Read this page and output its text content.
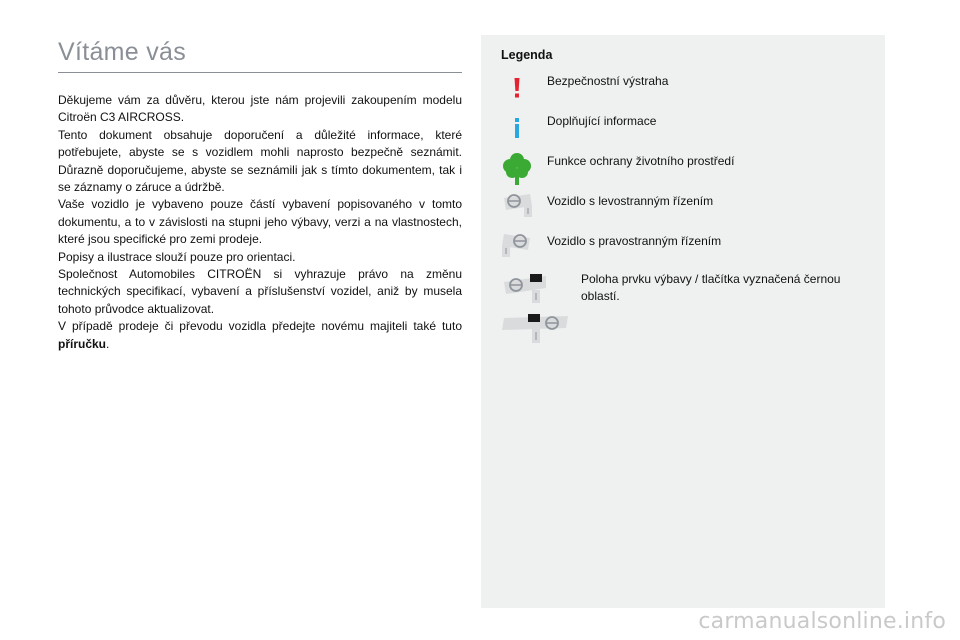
Vítáme vás

Děkujeme vám za důvěru, kterou jste nám projevili zakoupením modelu Citroën C3 AIRCROSS.

Tento dokument obsahuje doporučení a důležité informace, které potřebujete, abyste se s vozidlem mohli naprosto bezpečně seznámit. Důrazně doporučujeme, abyste se seznámili jak s tímto dokumentem, tak i se záznamy o záruce a údržbě.

Vaše vozidlo je vybaveno pouze částí vybavení popisovaného v tomto dokumentu, a to v závislosti na stupni jeho výbavy, verzi a na vlastnostech, které jsou specifické pro zemi prodeje.

Popisy a ilustrace slouží pouze pro orientaci.

Společnost Automobiles CITROËN si vyhrazuje právo na změnu technických specifikací, vybavení a příslušenství vozidel, aniž by musela tohoto průvodce aktualizovat.

V případě prodeje či převodu vozidla předejte novému majiteli také tuto příručku.

Legenda
Bezpečnostní výstraha
Doplňující informace
Funkce ochrany životního prostředí
Vozidlo s levostranným řízením
Vozidlo s pravostranným řízením
Poloha prvku výbavy / tlačítka vyznačená černou oblastí.
carmanualsonline.info
